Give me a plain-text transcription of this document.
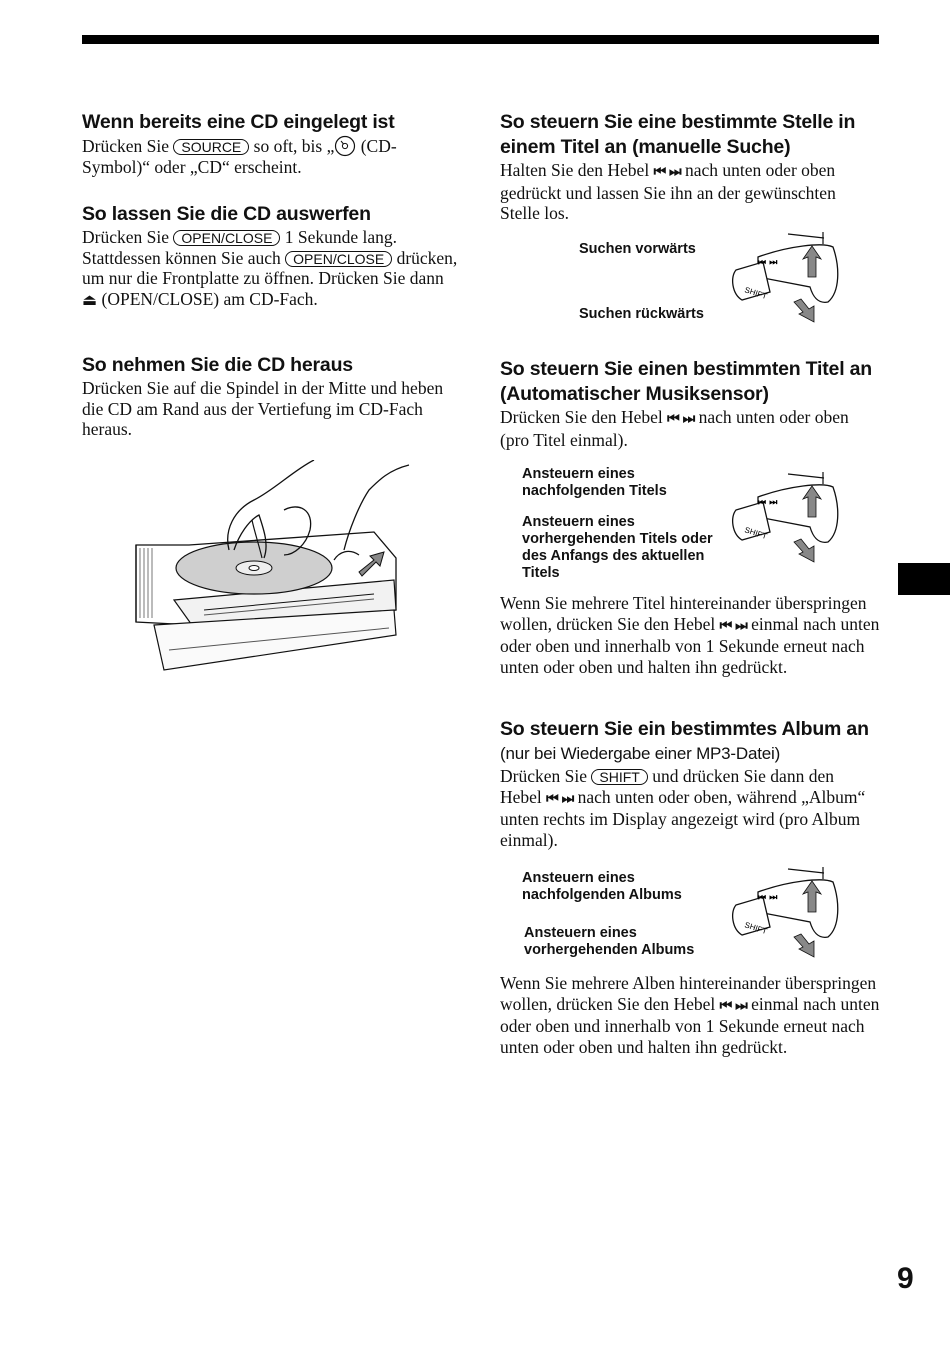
Wenn bereits eine CD eingelegt ist

Drücken Sie SOURCE so oft, bis „ (CD-Symbol)“ oder „CD“ erscheint.

So lassen Sie die CD auswerfen

Drücken Sie OPEN/CLOSE 1 Sekunde lang. Stattdessen können Sie auch OPEN/CLOSE drücken, um nur die Frontplatte zu öffnen. Drücken Sie dann ⏏ (OPEN/CLOSE) am CD-Fach.

So nehmen Sie die CD heraus

Drücken Sie auf die Spindel in der Mitte und heben die CD am Rand aus der Vertiefung im CD-Fach heraus.

So steuern Sie eine bestimmte Stelle in einem Titel an (manuelle Suche)

Halten Sie den Hebel ⏮ ⏭ nach unten oder oben gedrückt und lassen Sie ihn an der gewünschten Stelle los.

Suchen vorwärts
Suchen rückwärts
SHIFT
⏮ ⏭
So steuern Sie einen bestimmten Titel an (Automatischer Musiksensor)

Drücken Sie den Hebel ⏮ ⏭ nach unten oder oben (pro Titel einmal).

Ansteuern eines nachfolgenden Titels
Ansteuern eines vorhergehenden Titels oder des Anfangs des aktuellen Titels
SHIFT
⏮ ⏭

Wenn Sie mehrere Titel hintereinander überspringen wollen, drücken Sie den Hebel ⏮ ⏭ einmal nach unten oder oben und innerhalb von 1 Sekunde erneut nach unten oder oben und halten ihn gedrückt.

So steuern Sie ein bestimmtes Album an
(nur bei Wiedergabe einer MP3-Datei)

Drücken Sie SHIFT und drücken Sie dann den Hebel ⏮ ⏭ nach unten oder oben, während „Album“ unten rechts im Display angezeigt wird (pro Album einmal).

Ansteuern eines nachfolgenden Albums
Ansteuern eines vorhergehenden Albums
SHIFT
⏮ ⏭

Wenn Sie mehrere Alben hintereinander überspringen wollen, drücken Sie den Hebel ⏮ ⏭ einmal nach unten oder oben und innerhalb von 1 Sekunde erneut nach unten oder oben und halten ihn gedrückt.

9
